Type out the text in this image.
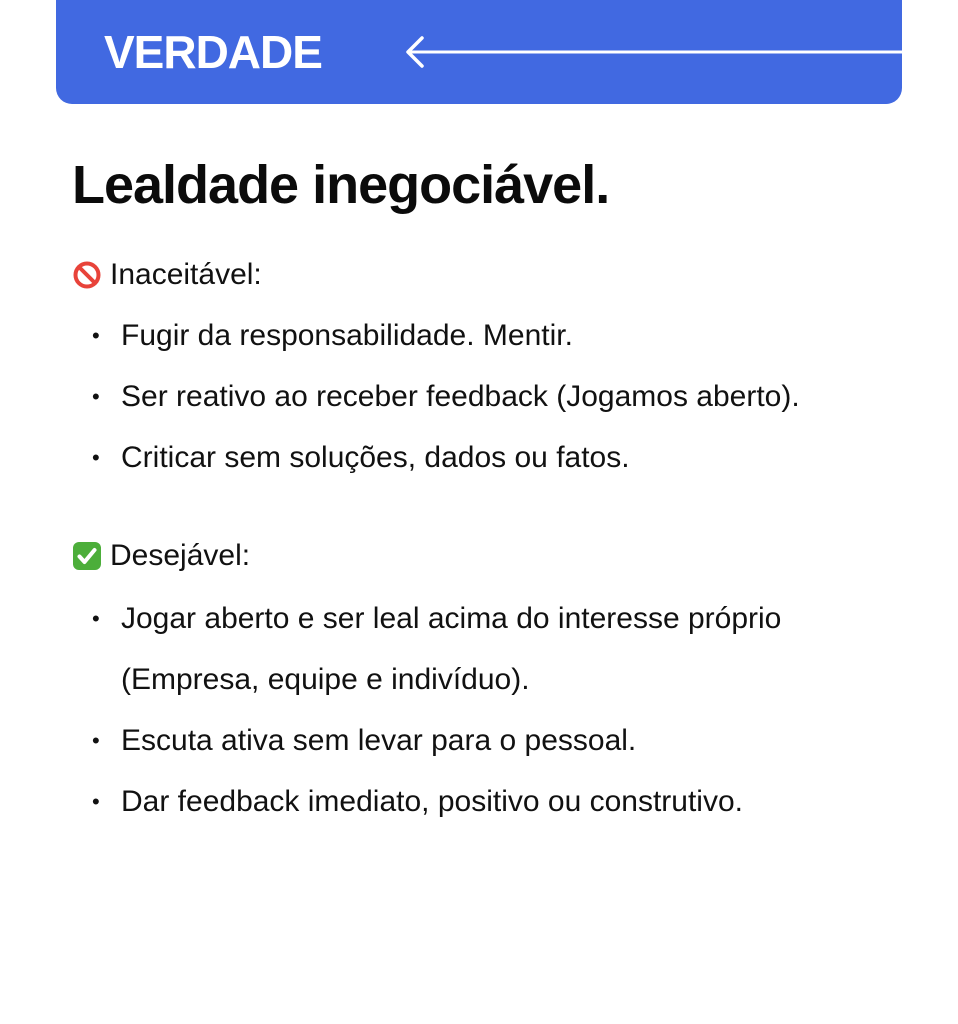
VERDADE
Lealdade inegociável.
Inaceitável:
• Fugir da responsabilidade. Mentir.
• Ser reativo ao receber feedback (Jogamos aberto).
• Criticar sem soluções, dados ou fatos.
Desejável:
• Jogar aberto e ser leal acima do interesse próprio (Empresa, equipe e indivíduo).
• Escuta ativa sem levar para o pessoal.
• Dar feedback imediato, positivo ou construtivo.
